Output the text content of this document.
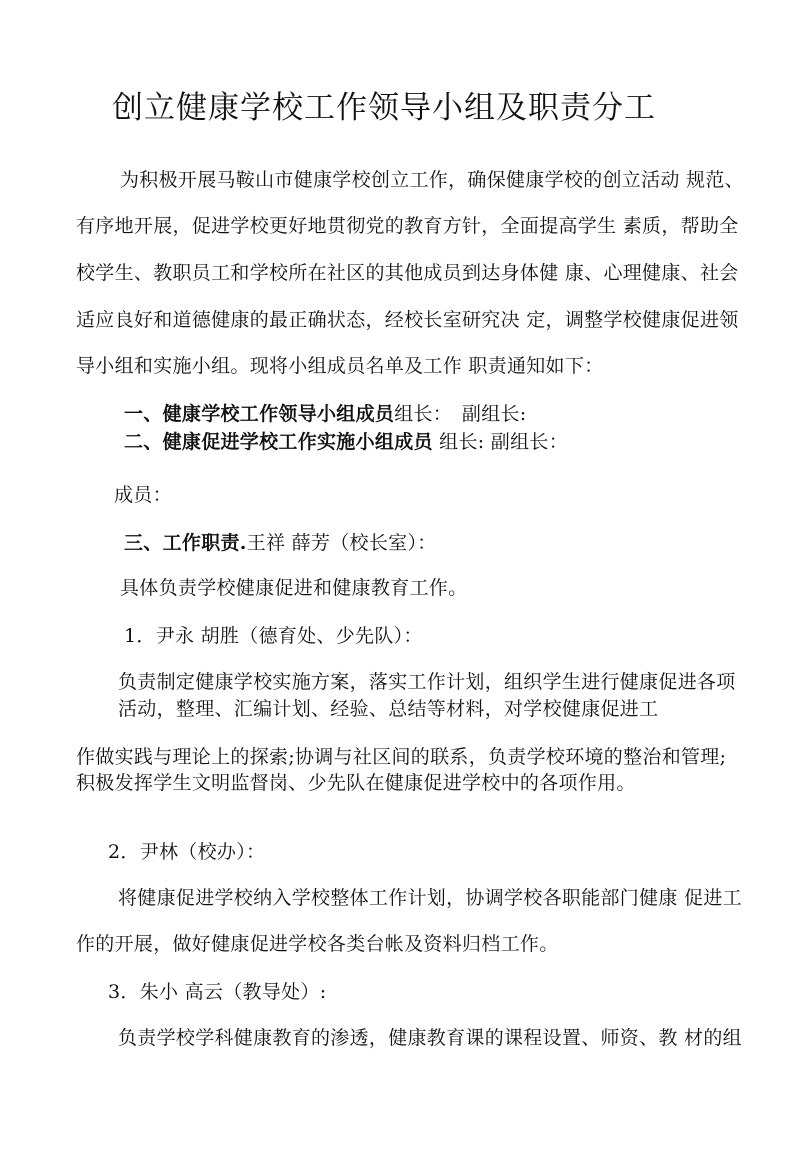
创立健康学校工作领导小组及职责分工
为积极开展马鞍山市健康学校创立工作，确保健康学校的创立活动 规范、
有序地开展，促进学校更好地贯彻党的教育方针，全面提高学生 素质，帮助全
校学生、教职员工和学校所在社区的其他成员到达身体健 康、心理健康、社会
适应良好和道德健康的最正确状态，经校长室研究决 定，调整学校健康促进领
导小组和实施小组。现将小组成员名单及工作 职责通知如下：
一、健康学校工作领导小组成员组长：　副组长:
二、健康促进学校工作实施小组成员 组长: 副组长：
成员：
三、工作职责.王祥 薛芳（校长室）：
具体负责学校健康促进和健康教育工作。
1．尹永 胡胜（德育处、少先队）：
负责制定健康学校实施方案，落实工作计划，组织学生进行健康促进各项
活动，整理、汇编计划、经验、总结等材料，对学校健康促进工
作做实践与理论上的探索;协调与社区间的联系，负责学校环境的整治和管理;
积极发挥学生文明监督岗、少先队在健康促进学校中的各项作用。
2．尹林（校办）：
将健康促进学校纳入学校整体工作计划，协调学校各职能部门健康 促进工
作的开展，做好健康促进学校各类台帐及资料归档工作。
3．朱小 高云（教导处）:
负责学校学科健康教育的渗透，健康教育课的课程设置、师资、教 材的组
